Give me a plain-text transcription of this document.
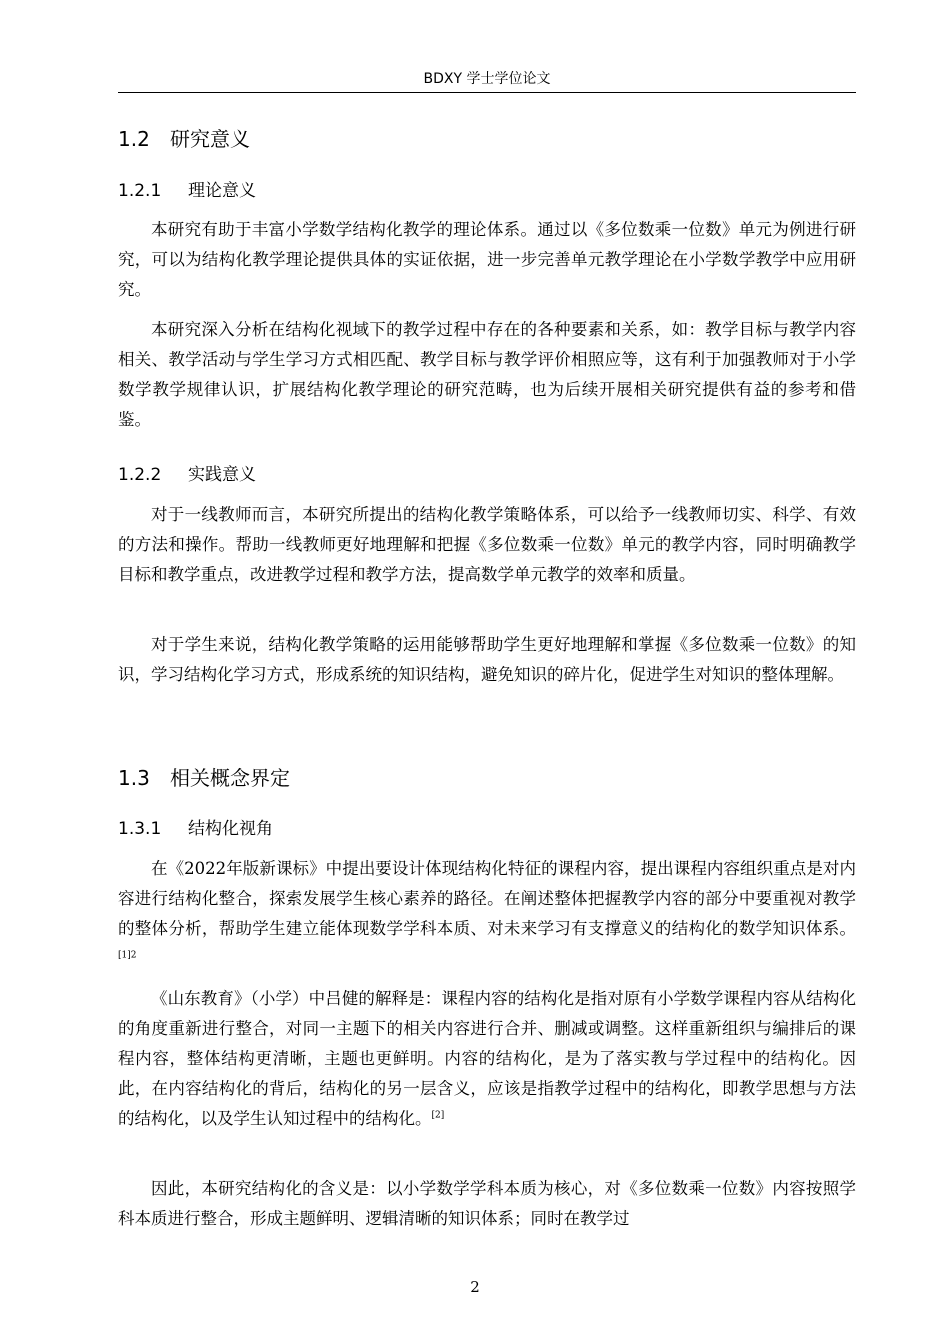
BDXY 学士学位论文
1.2 研究意义
1.2.1 理论意义

本研究有助于丰富小学数学结构化教学的理论体系。通过以《多位数乘一位数》单元为例进行研究，可以为结构化教学理论提供具体的实证依据，进一步完善单元教学理论在小学数学教学中应用研究。

本研究深入分析在结构化视域下的教学过程中存在的各种要素和关系，如：教学目标与教学内容相关、教学活动与学生学习方式相匹配、教学目标与教学评价相照应等，这有利于加强教师对于小学数学教学规律认识，扩展结构化教学理论的研究范畴，也为后续开展相关研究提供有益的参考和借鉴。

1.2.2 实践意义

对于一线教师而言，本研究所提出的结构化教学策略体系，可以给予一线教师切实、科学、有效的方法和操作。帮助一线教师更好地理解和把握《多位数乘一位数》单元的教学内容，同时明确教学目标和教学重点，改进教学过程和教学方法，提高数学单元教学的效率和质量。

对于学生来说，结构化教学策略的运用能够帮助学生更好地理解和掌握《多位数乘一位数》的知识，学习结构化学习方式，形成系统的知识结构，避免知识的碎片化，促进学生对知识的整体理解。

1.3 相关概念界定
1.3.1 结构化视角

在《2022年版新课标》中提出要设计体现结构化特征的课程内容，提出课程内容组织重点是对内容进行结构化整合，探索发展学生核心素养的路径。在阐述整体把握教学内容的部分中要重视对教学的整体分析，帮助学生建立能体现数学学科本质、对未来学习有支撑意义的结构化的数学知识体系。$^{[1]2}$

《山东教育》（小学）中吕健的解释是：课程内容的结构化是指对原有小学数学课程内容从结构化的角度重新进行整合，对同一主题下的相关内容进行合并、删减或调整。这样重新组织与编排后的课程内容，整体结构更清晰，主题也更鲜明。内容的结构化，是为了落实教与学过程中的结构化。因此，在内容结构化的背后，结构化的另一层含义，应该是指教学过程中的结构化，即教学思想与方法的结构化，以及学生认知过程中的结构化。[2]

因此，本研究结构化的含义是：以小学数学学科本质为核心，对《多位数乘一位数》内容按照学科本质进行整合，形成主题鲜明、逻辑清晰的知识体系；同时在教学过

2
